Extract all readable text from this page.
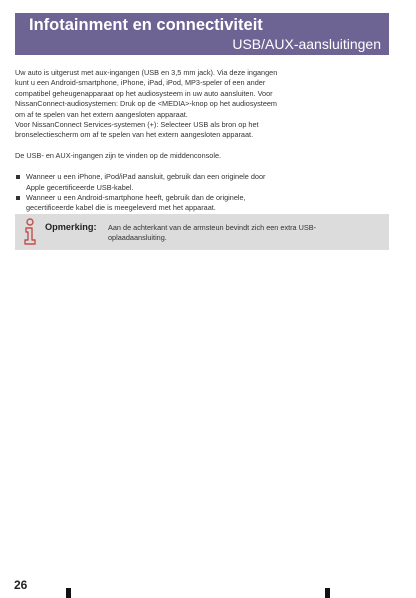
Infotainment en connectiviteit
USB/AUX-aansluitingen

Uw auto is uitgerust met aux-ingangen (USB en 3,5 mm jack). Via deze ingangen

kunt u een Android-smartphone, iPhone, iPad, iPod, MP3-speler of een ander

compatibel geheugenapparaat op het audiosysteem in uw auto aansluiten. Voor

NissanConnect-audiosystemen: Druk op de <MEDIA>-knop op het audiosysteem

om af te spelen van het extern aangesloten apparaat.

Voor NissanConnect Services-systemen (+): Selecteer USB als bron op het

bronselectiescherm om af te spelen van het extern aangesloten apparaat.

De USB- en AUX-ingangen zijn te vinden op de middenconsole.

Wanneer u een iPhone, iPod/iPad aansluit, gebruik dan een originele door
Apple gecertificeerde USB-kabel.
Wanneer u een Android-smartphone heeft, gebruik dan de originele,
gecertificeerde kabel die is meegeleverd met het apparaat.
Opmerking: Aan de achterkant van de armsteun bevindt zich een extra USB-
oplaadaansluiting.
26
